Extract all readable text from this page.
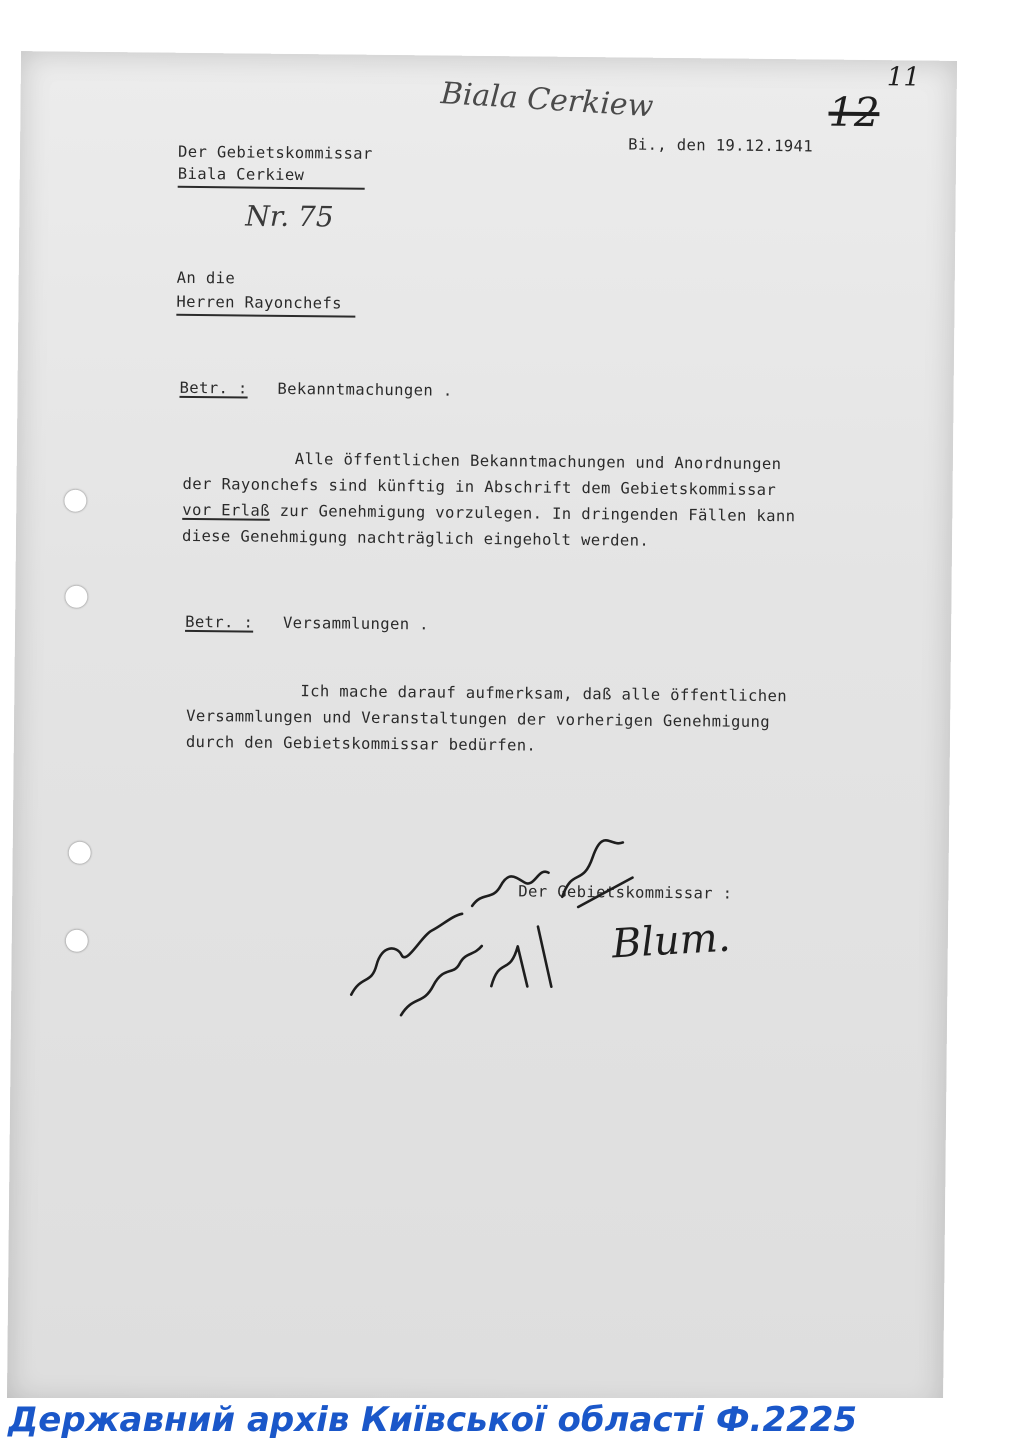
Biala Cerkiew	11
12
Der Gebietskommissar
Biala Cerkiew
Bi., den 19.12.1941
Nr. 75
An die
Herren Rayonchefs
Betr. : Bekanntmachungen .
Alle öffentlichen Bekanntmachungen und Anordnungen
der Rayonchefs sind künftig in Abschrift dem Gebietskommissar
vor Erlaß zur Genehmigung vorzulegen. In dringenden Fällen kann
diese Genehmigung nachträglich eingeholt werden.
Betr. : Versammlungen .
Ich mache darauf aufmerksam, daß alle öffentlichen
Versammlungen und Veranstaltungen der vorherigen Genehmigung
durch den Gebietskommissar bedürfen.
Der Gebietskommissar :
Blum.
Державний архів Київської області Ф.2225
